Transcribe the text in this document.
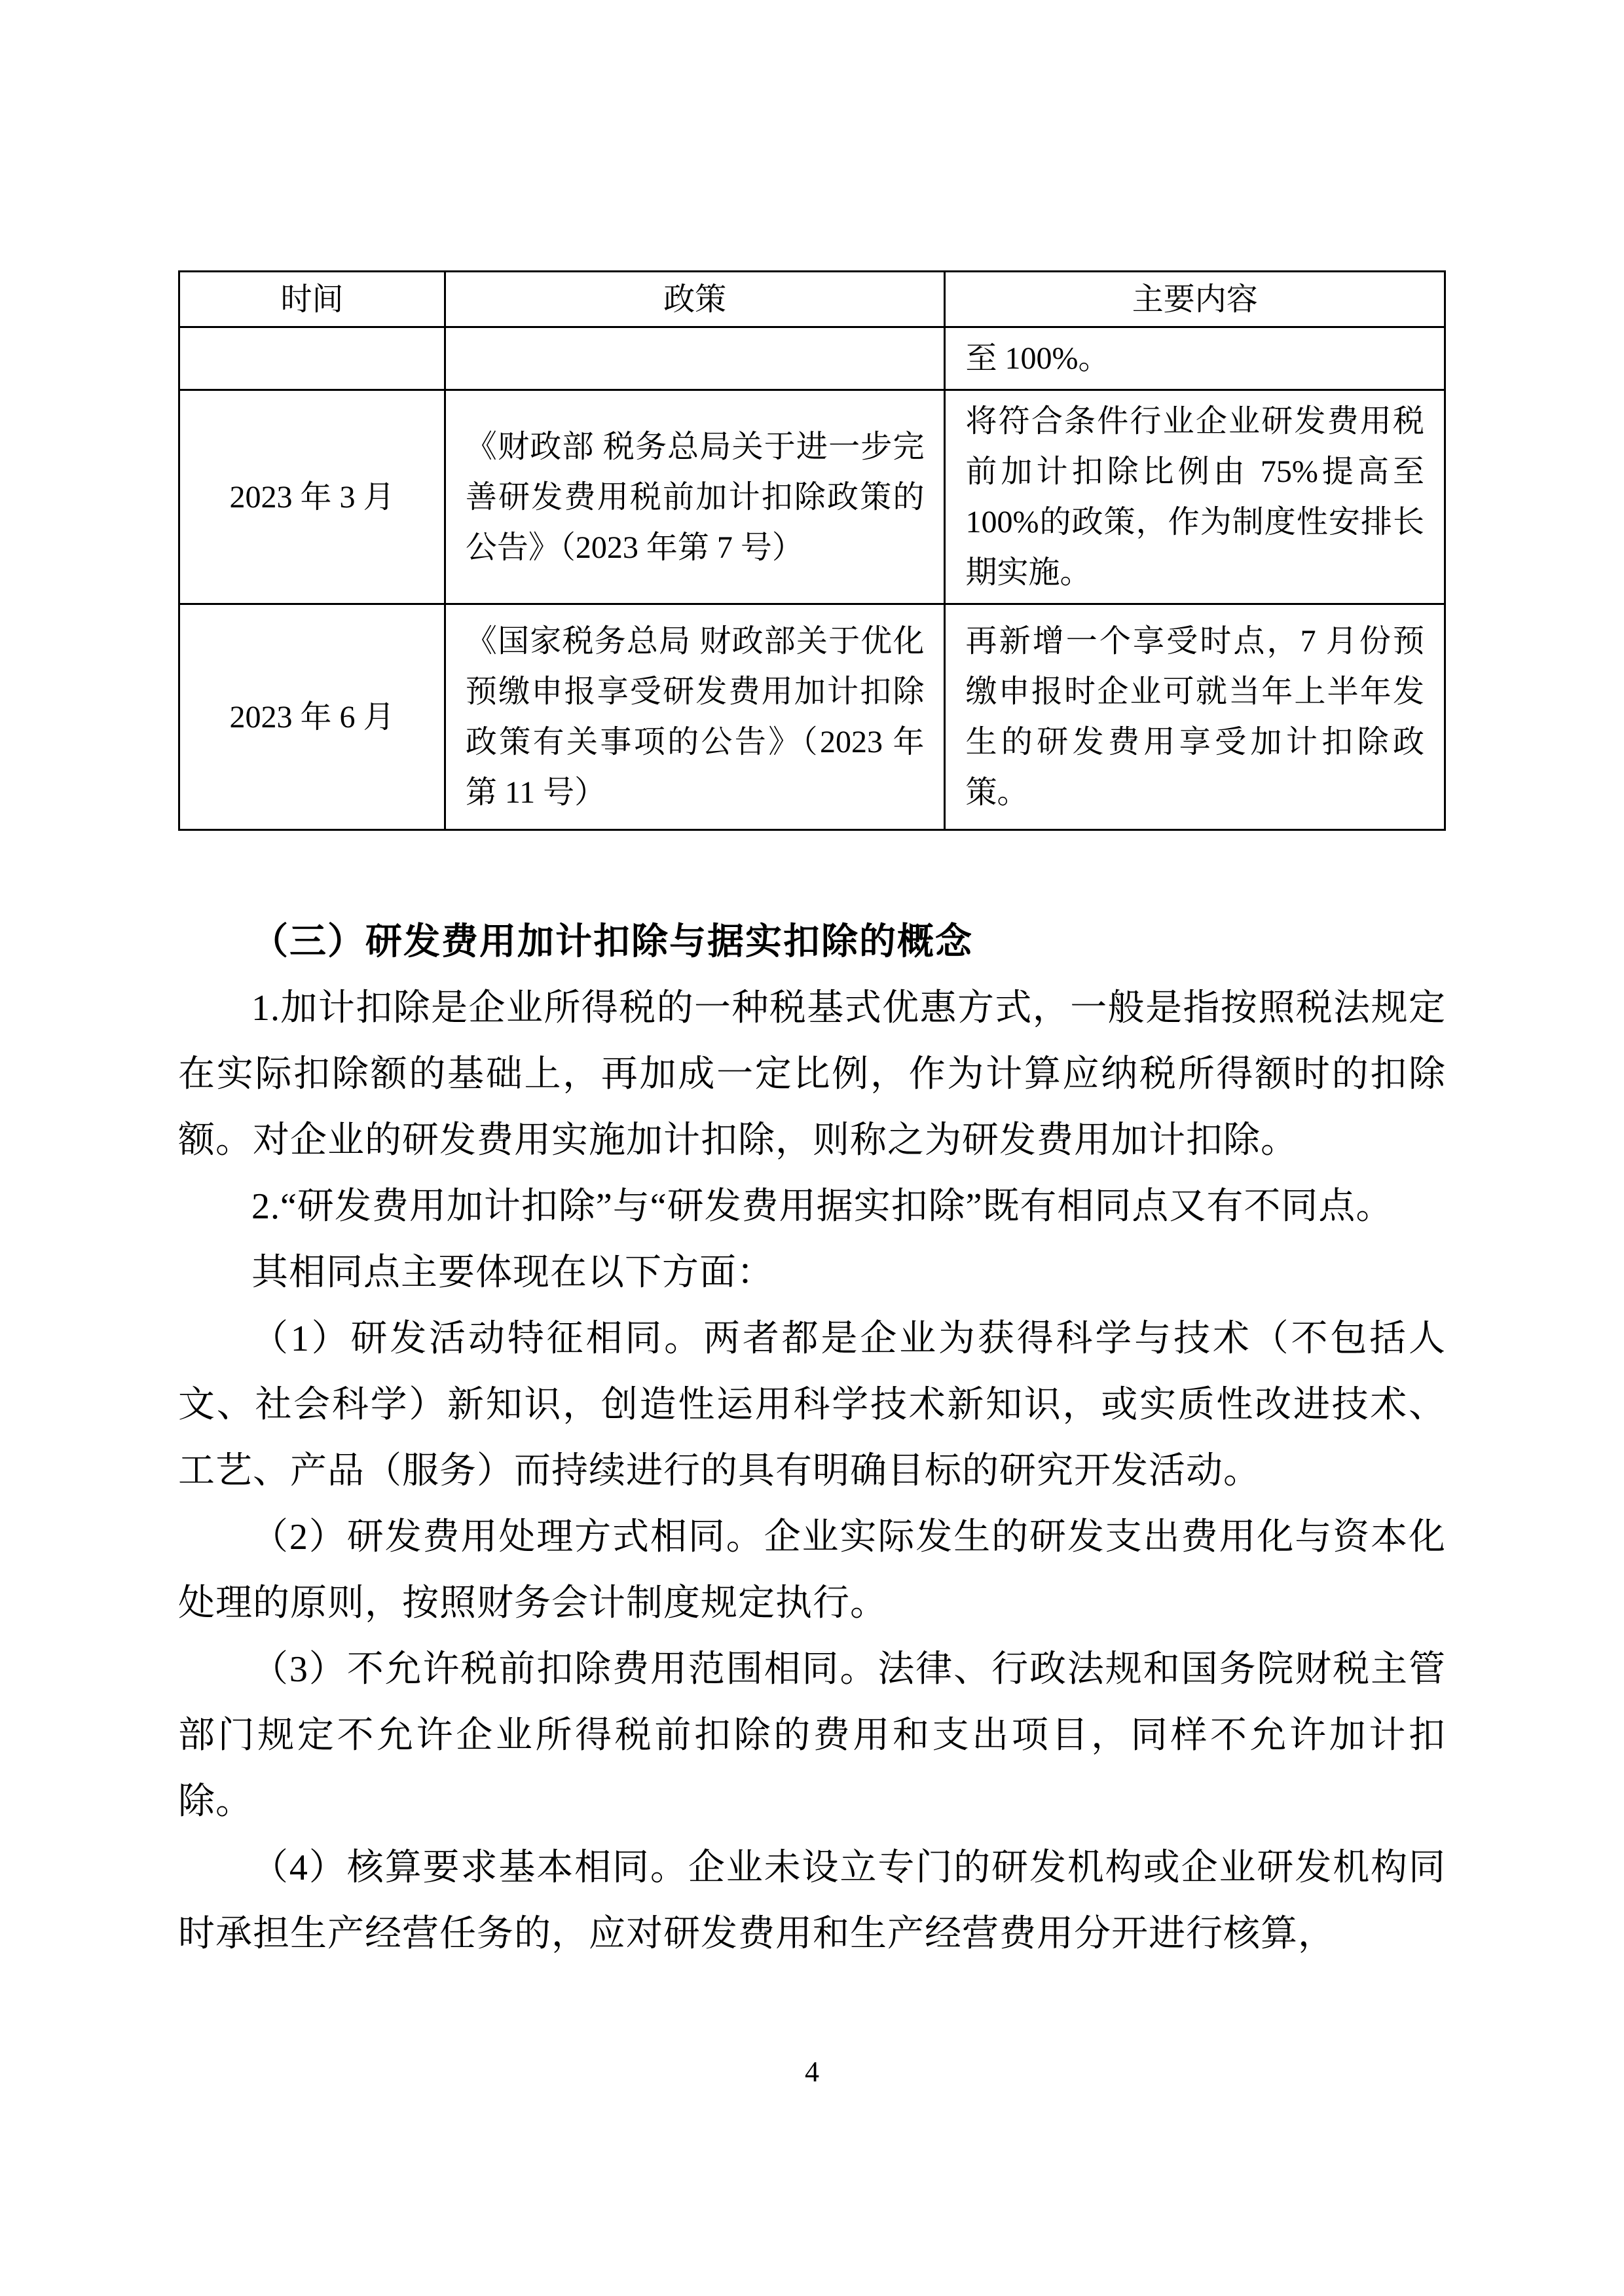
时间	政策	主要内容
		至 100%。
2023 年 3 月	《财政部 税务总局关于进一步完善研发费用税前加计扣除政策的公告》（2023 年第 7 号）	将符合条件行业企业研发费用税前加计扣除比例由 75%提高至 100%的政策，作为制度性安排长期实施。
2023 年 6 月	《国家税务总局 财政部关于优化预缴申报享受研发费用加计扣除政策有关事项的公告》（2023 年第 11 号）	再新增一个享受时点，7 月份预缴申报时企业可就当年上半年发生的研发费用享受加计扣除政策。
（三）研发费用加计扣除与据实扣除的概念

1.加计扣除是企业所得税的一种税基式优惠方式，一般是指按照税法规定在实际扣除额的基础上，再加成一定比例，作为计算应纳税所得额时的扣除额。对企业的研发费用实施加计扣除，则称之为研发费用加计扣除。

2.“研发费用加计扣除”与“研发费用据实扣除”既有相同点又有不同点。

其相同点主要体现在以下方面：

（1）研发活动特征相同。两者都是企业为获得科学与技术（不包括人文、社会科学）新知识，创造性运用科学技术新知识，或实质性改进技术、工艺、产品（服务）而持续进行的具有明确目标的研究开发活动。

（2）研发费用处理方式相同。企业实际发生的研发支出费用化与资本化处理的原则，按照财务会计制度规定执行。

（3）不允许税前扣除费用范围相同。法律、行政法规和国务院财税主管部门规定不允许企业所得税前扣除的费用和支出项目，同样不允许加计扣除。

（4）核算要求基本相同。企业未设立专门的研发机构或企业研发机构同时承担生产经营任务的，应对研发费用和生产经营费用分开进行核算，

4
